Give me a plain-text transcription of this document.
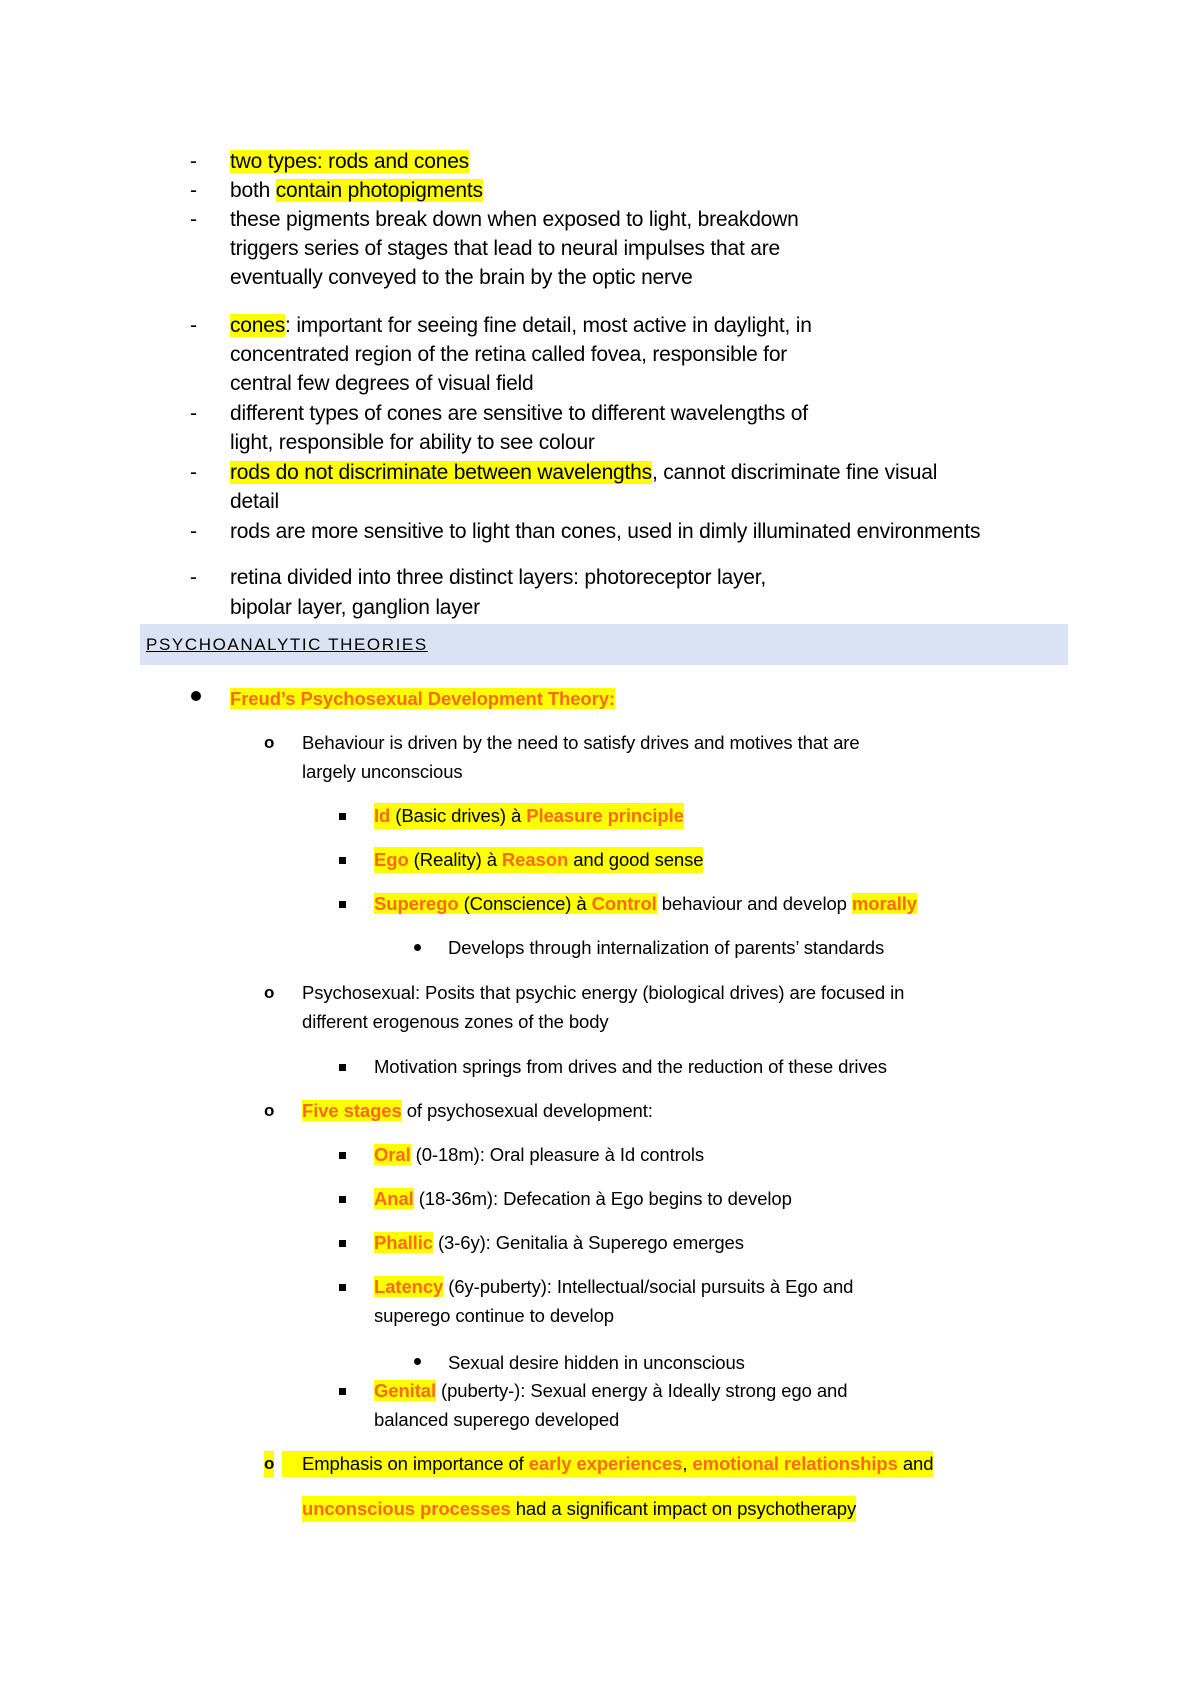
- two types: rods and cones
- both contain photopigments
- these pigments break down when exposed to light, breakdown
triggers series of stages that lead to neural impulses that are
eventually conveyed to the brain by the optic nerve
- cones: important for seeing fine detail, most active in daylight, in
concentrated region of the retina called fovea, responsible for
central few degrees of visual field
- different types of cones are sensitive to different wavelengths of
light, responsible for ability to see colour
- rods do not discriminate between wavelengths, cannot discriminate fine visual
detail
- rods are more sensitive to light than cones, used in dimly illuminated environments
- retina divided into three distinct layers: photoreceptor layer,
bipolar layer, ganglion layer
PSYCHOANALYTIC THEORIES
Freud’s Psychosexual Development Theory:
o Behaviour is driven by the need to satisfy drives and motives that are
largely unconscious
Id (Basic drives) à Pleasure principle
Ego (Reality) à Reason and good sense
Superego (Conscience) à Control behaviour and develop morally
Develops through internalization of parents’ standards
o Psychosexual: Posits that psychic energy (biological drives) are focused in
different erogenous zones of the body
Motivation springs from drives and the reduction of these drives
o Five stages of psychosexual development:
Oral (0-18m): Oral pleasure à Id controls
Anal (18-36m): Defecation à Ego begins to develop
Phallic (3-6y): Genitalia à Superego emerges
Latency (6y-puberty): Intellectual/social pursuits à Ego and
superego continue to develop
Sexual desire hidden in unconscious
Genital (puberty-): Sexual energy à Ideally strong ego and
balanced superego developed
o	Emphasis on importance of early experiences, emotional relationships and
unconscious processes had a significant impact on psychotherapy
